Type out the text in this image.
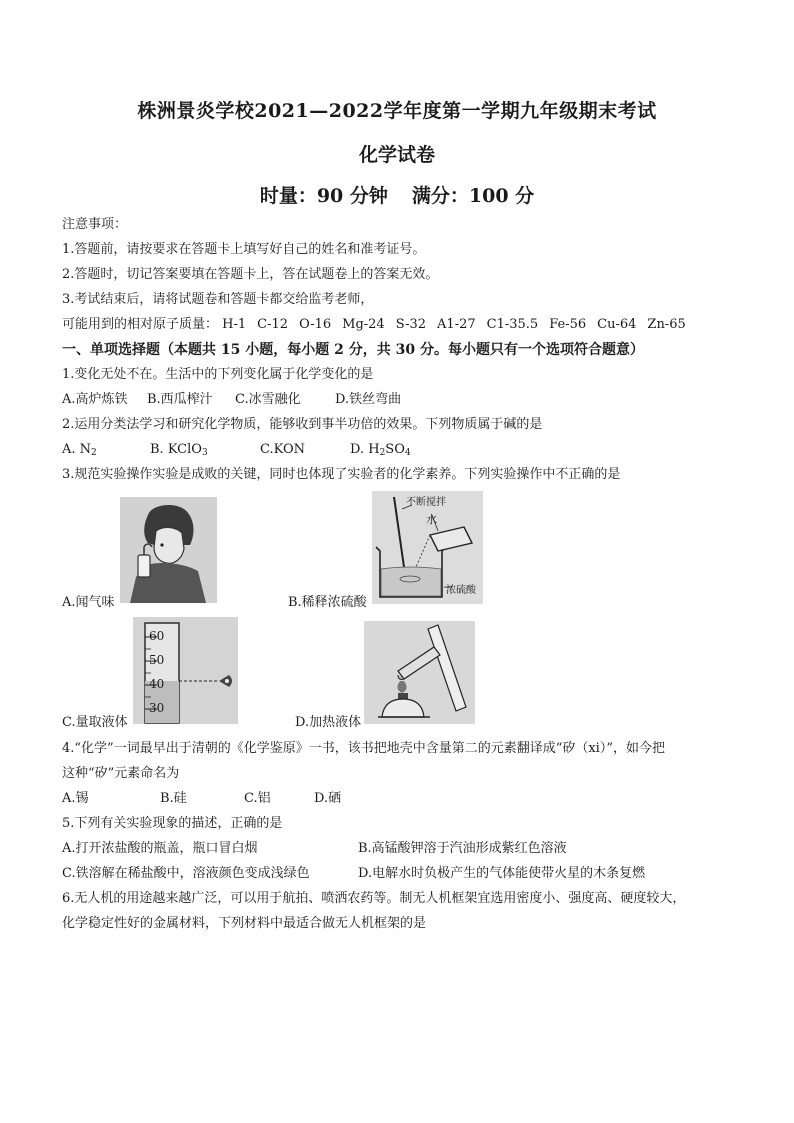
株洲景炎学校2021—2022学年度第一学期九年级期末考试
化学试卷
时量：90 分钟 满分：100 分
注意事项：
1.答题前，请按要求在答题卡上填写好自己的姓名和准考证号。
2.答题时，切记答案要填在答题卡上，答在试题卷上的答案无效。
3.考试结束后，请将试题卷和答题卡都交给监考老师，
可能用到的相对原子质量： H-1 C-12 O-16 Mg-24 S-32 A1-27 C1-35.5 Fe-56 Cu-64 Zn-65
一、单项选择题（本题共 15 小题，每小题 2 分，共 30 分。每小题只有一个选项符合题意）
1.变化无处不在。生活中的下列变化属于化学变化的是
A.高炉炼铁 B.西瓜榨汁 C.冰雪融化	D.铁丝弯曲
2.运用分类法学习和研究化学物质，能够收到事半功倍的效果。下列物质属于碱的是
A. $N_2$	B. KClO$_3$	C.KON	D. $H_2SO_4$
3.规范实验操作实验是成败的关键，同时也体现了实验者的化学素养。下列实验操作中不正确的是
A.闻气味
不断搅拌
水
浓硫酸
B.稀释浓硫酸
60
50
40
30
C.量取液体	D.加热液体
4.“化学”一词最早出于清朝的《化学鉴原》一书，该书把地壳中含量第二的元素翻译成“矽（xi）”，如今把
这种“矽”元素命名为
A.锡	B.硅	C.铝	D.硒
5.下列有关实验现象的描述，正确的是
A.打开浓盐酸的瓶盖，瓶口冒白烟	B.高锰酸钾溶于汽油形成紫红色溶液
C.铁溶解在稀盐酸中，溶液颜色变成浅绿色	D.电解水时负极产生的气体能使带火星的木条复燃
6.无人机的用途越来越广泛，可以用于航拍、喷洒农药等。制无人机框架宜选用密度小、强度高、硬度较大，
化学稳定性好的金属材料，下列材料中最适合做无人机框架的是
